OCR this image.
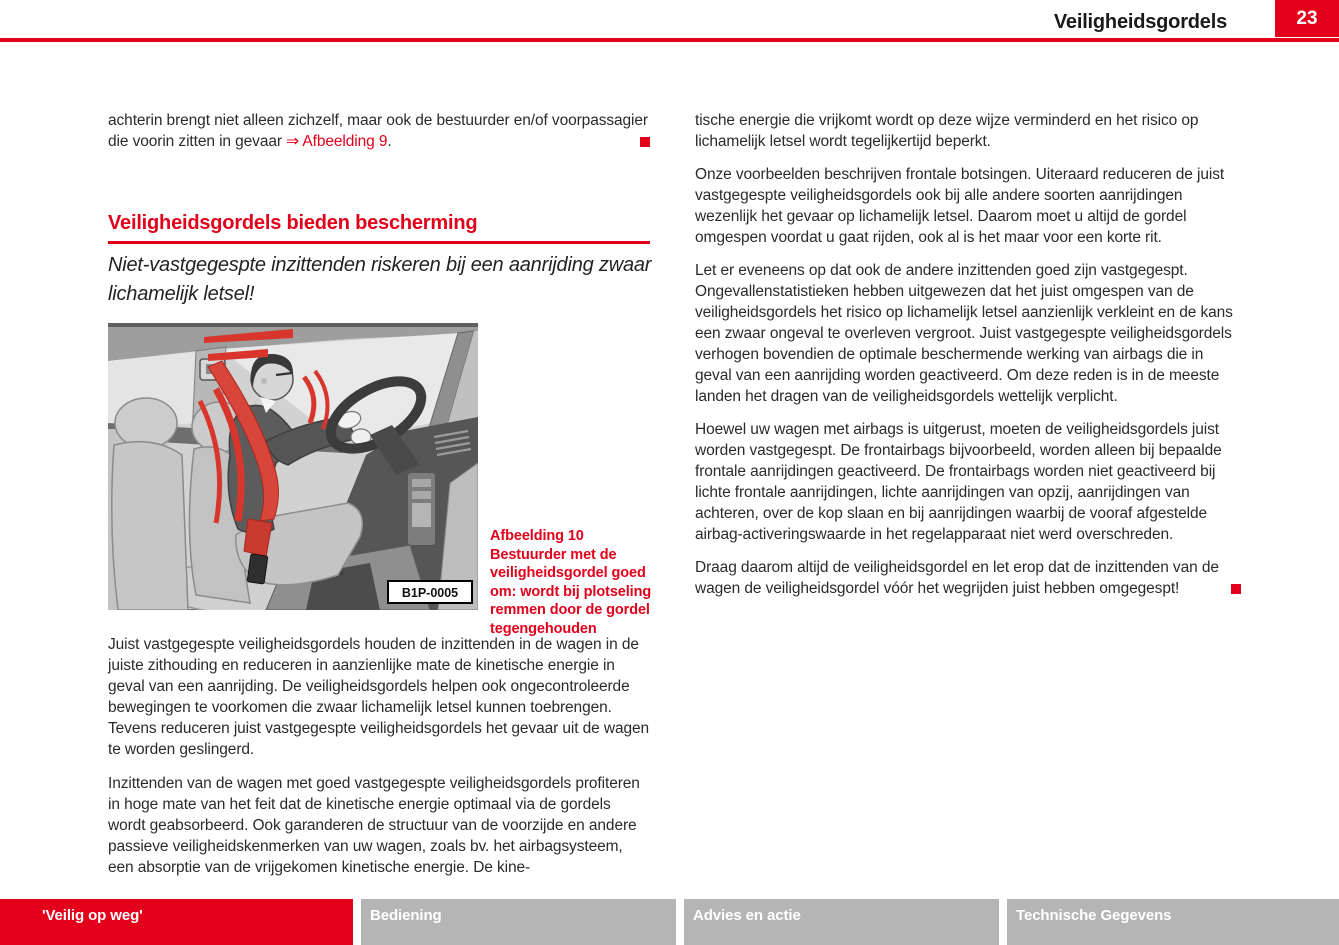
Veiligheidsgordels	23

achterin brengt niet alleen zichzelf, maar ook de bestuurder en/of voorpassagier die voorin zitten in gevaar ⇒ Afbeelding 9.

Veiligheidsgordels bieden bescherming
Niet-vastgegespte inzittenden riskeren bij een aanrijding zwaar lichamelijk letsel!
B1P-0005
Afbeelding 10 Bestuurder met de veiligheidsgordel goed om: wordt bij plotseling remmen door de gordel tegengehouden

Juist vastgegespte veiligheidsgordels houden de inzittenden in de wagen in de juiste zithouding en reduceren in aanzienlijke mate de kinetische energie in geval van een aanrijding. De veiligheidsgordels helpen ook ongecontroleerde bewegingen te voorkomen die zwaar lichamelijk letsel kunnen toebrengen. Tevens reduceren juist vastgegespte veiligheidsgordels het gevaar uit de wagen te worden geslingerd.

Inzittenden van de wagen met goed vastgegespte veiligheidsgordels profiteren in hoge mate van het feit dat de kinetische energie optimaal via de gordels wordt geabsorbeerd. Ook garanderen de structuur van de voorzijde en andere passieve veiligheidskenmerken van uw wagen, zoals bv. het airbagsysteem, een absorptie van de vrijgekomen kinetische energie. De kine-

tische energie die vrijkomt wordt op deze wijze verminderd en het risico op lichamelijk letsel wordt tegelijkertijd beperkt.

Onze voorbeelden beschrijven frontale botsingen. Uiteraard reduceren de juist vastgegespte veiligheidsgordels ook bij alle andere soorten aanrijdingen wezenlijk het gevaar op lichamelijk letsel. Daarom moet u altijd de gordel omgespen voordat u gaat rijden, ook al is het maar voor een korte rit.

Let er eveneens op dat ook de andere inzittenden goed zijn vastgegespt. Ongevallenstatistieken hebben uitgewezen dat het juist omgespen van de veiligheidsgordels het risico op lichamelijk letsel aanzienlijk verkleint en de kans een zwaar ongeval te overleven vergroot. Juist vastgegespte veiligheidsgordels verhogen bovendien de optimale beschermende werking van airbags die in geval van een aanrijding worden geactiveerd. Om deze reden is in de meeste landen het dragen van de veiligheidsgordels wettelijk verplicht.

Hoewel uw wagen met airbags is uitgerust, moeten de veiligheidsgordels juist worden vastgegespt. De frontairbags bijvoorbeeld, worden alleen bij bepaalde frontale aanrijdingen geactiveerd. De frontairbags worden niet geactiveerd bij lichte frontale aanrijdingen, lichte aanrijdingen van opzij, aanrijdingen van achteren, over de kop slaan en bij aanrijdingen waarbij de vooraf afgestelde airbag-activeringswaarde in het regelapparaat niet werd overschreden.

Draag daarom altijd de veiligheidsgordel en let erop dat de inzittenden van de wagen de veiligheidsgordel vóór het wegrijden juist hebben omgegespt!

'Veilig op weg'	Bediening	Advies en actie	Technische Gegevens
